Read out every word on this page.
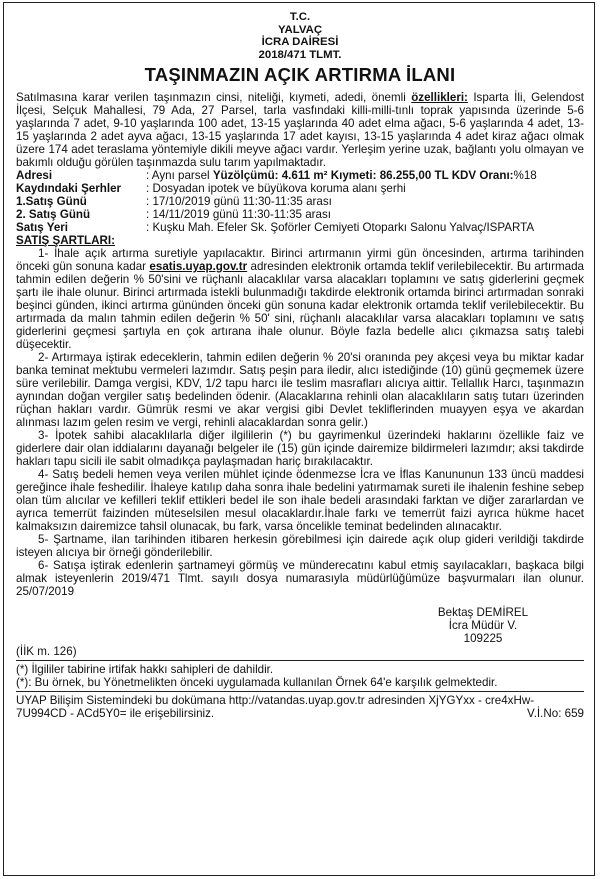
T.C.
YALVAÇ
İCRA DAİRESİ
2018/471 TLMT.
TAŞINMAZIN AÇIK ARTIRMA İLANI
Satılmasına karar verilen taşınmazın cinsi, niteliği, kıymeti, adedi, önemli özellikleri: Isparta İli, Gelendost İlçesi, Selçuk Mahallesi, 79 Ada, 27 Parsel, tarla vasfındaki killi-milli-tınlı toprak yapısında üzerinde 5-6 yaşlarında 7 adet, 9-10 yaşlarında 100 adet, 13-15 yaşlarında 40 adet elma ağacı, 5-6 yaşlarında 4 adet, 13-15 yaşlarında 2 adet ayva ağacı, 13-15 yaşlarında 17 adet kayısı, 13-15 yaşlarında 4 adet kiraz ağacı olmak üzere 174 adet teraslama yöntemiyle dikili meyve ağacı vardır. Yerleşim yerine uzak, bağlantı yolu olmayan ve bakımlı olduğu görülen taşınmazda sulu tarım yapılmaktadır.
Adresi	: Aynı parsel Yüzölçümü: 4.611 m² Kıymeti: 86.255,00 TL KDV Oranı:%18
Kaydındaki Şerhler	: Dosyadan ipotek ve büyükova koruma alanı şerhi
1.Satış Günü	: 17/10/2019 günü 11:30-11:35 arası
2. Satış Günü	: 14/11/2019 günü 11:30-11:35 arası
Satış Yeri	: Kuşku Mah. Efeler Sk. Şoförler Cemiyeti Otoparkı Salonu Yalvaç/ISPARTA
SATIŞ ŞARTLARI:
1- İhale açık artırma suretiyle yapılacaktır. Birinci artırmanın yirmi gün öncesinden, artırma tarihinden önceki gün sonuna kadar esatis.uyap.gov.tr adresinden elektronik ortamda teklif verilebilecektir. Bu artırmada tahmin edilen değerin % 50'sini ve rüçhanlı alacaklılar varsa alacakları toplamını ve satış giderlerini geçmek şartı ile ihale olunur. Birinci artırmada istekli bulunmadığı takdirde elektronik ortamda birinci artırmadan sonraki beşinci günden, ikinci artırma gününden önceki gün sonuna kadar elektronik ortamda teklif verilebilecektir. Bu artırmada da malın tahmin edilen değerin % 50' sini, rüçhanlı alacaklılar varsa alacakları toplamını ve satış giderlerini geçmesi şartıyla en çok artırana ihale olunur. Böyle fazla bedelle alıcı çıkmazsa satış talebi düşecektir.
2- Artırmaya iştirak edeceklerin, tahmin edilen değerin % 20'si oranında pey akçesi veya bu miktar kadar banka teminat mektubu vermeleri lazımdır. Satış peşin para iledir, alıcı istediğinde (10) günü geçmemek üzere süre verilebilir. Damga vergisi, KDV, 1/2 tapu harcı ile teslim masrafları alıcıya aittir. Tellallık Harcı, taşınmazın aynından doğan vergiler satış bedelinden ödenir. (Alacaklarına rehinli olan alacaklıların satış tutarı üzerinden rüçhan hakları vardır. Gümrük resmi ve akar vergisi gibi Devlet tekliflerinden muayyen eşya ve akardan alınması lazım gelen resim ve vergi, rehinli alacaklardan sonra gelir.)
3- İpotek sahibi alacaklılarla diğer ilgililerin (*) bu gayrimenkul üzerindeki haklarını özellikle faiz ve giderlere dair olan iddialarını dayanağı belgeler ile (15) gün içinde dairemize bildirmeleri lazımdır; aksi takdirde hakları tapu sicili ile sabit olmadıkça paylaşmadan hariç bırakılacaktır.
4- Satış bedeli hemen veya verilen mühlet içinde ödenmezse İcra ve İflas Kanununun 133 üncü maddesi gereğince ihale feshedilir. İhaleye katılıp daha sonra ihale bedelini yatırmamak sureti ile ihalenin feshine sebep olan tüm alıcılar ve kefilleri teklif ettikleri bedel ile son ihale bedeli arasındaki farktan ve diğer zararlardan ve ayrıca temerrüt faizinden müteselsilen mesul olacaklardır.İhale farkı ve temerrüt faizi ayrıca hükme hacet kalmaksızın dairemizce tahsil olunacak, bu fark, varsa öncelikle teminat bedelinden alınacaktır.
5- Şartname, ilan tarihinden itibaren herkesin görebilmesi için dairede açık olup gideri verildiği takdirde isteyen alıcıya bir örneği gönderilebilir.
6- Satışa iştirak edenlerin şartnameyi görmüş ve münderecatını kabul etmiş sayılacakları, başkaca bilgi almak isteyenlerin 2019/471 Tlmt. sayılı dosya numarasıyla müdürlüğümüze başvurmaları ilan olunur. 25/07/2019
Bektaş DEMİREL
İcra Müdür V.
109225
(İİK m. 126)
(*) İlgililer tabirine irtifak hakkı sahipleri de dahildir.
(*): Bu örnek, bu Yönetmelikten önceki uygulamada kullanılan Örnek 64'e karşılık gelmektedir.
UYAP Bilişim Sistemindeki bu dokümana http://vatandas.uyap.gov.tr adresinden XjYGYxx - cre4xHw-
7U994CD - ACd5Y0= ile erişebilirsiniz.	V.İ.No: 659
